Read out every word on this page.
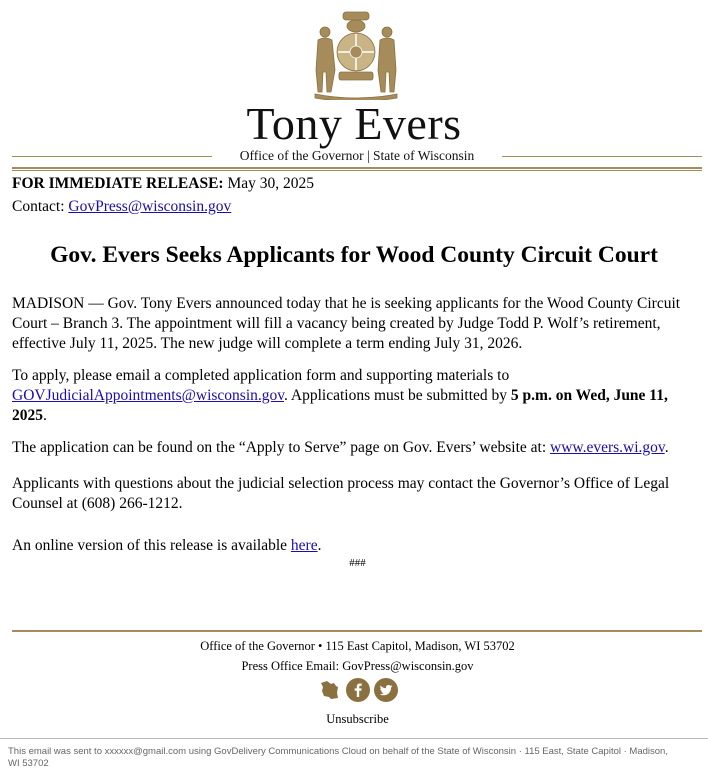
Tony Evers
Office of the Governor | State of Wisconsin
FOR IMMEDIATE RELEASE: May 30, 2025
Contact: GovPress@wisconsin.gov
Gov. Evers Seeks Applicants for Wood County Circuit Court
MADISON — Gov. Tony Evers announced today that he is seeking applicants for the Wood County Circuit
Court – Branch 3. The appointment will fill a vacancy being created by Judge Todd P. Wolf’s retirement,
effective July 11, 2025. The new judge will complete a term ending July 31, 2026.
To apply, please email a completed application form and supporting materials to
GOVJudicialAppointments@wisconsin.gov. Applications must be submitted by 5 p.m. on Wed, June 11,
2025.
The application can be found on the “Apply to Serve” page on Gov. Evers’ website at: www.evers.wi.gov.
Applicants with questions about the judicial selection process may contact the Governor’s Office of Legal
Counsel at (608) 266-1212.
An online version of this release is available here.
###
Office of the Governor • 115 East Capitol, Madison, WI 53702
Press Office Email: GovPress@wisconsin.gov
Unsubscribe
This email was sent to xxxxxx@gmail.com using GovDelivery Communications Cloud on behalf of the State of Wisconsin · 115 East, State Capitol · Madison, WI 53702
